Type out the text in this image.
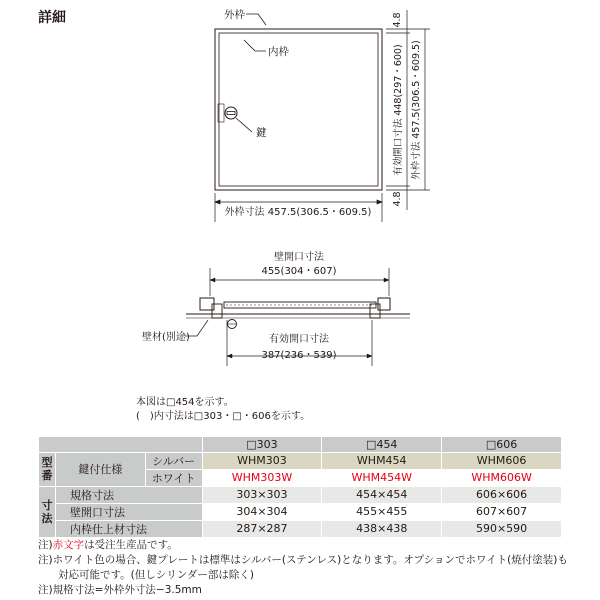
詳細	外枠
内枠
鍵
外枠寸法 457.5(306.5・609.5)
4.8
4.8
有効開口寸法 448(297・600) 外枠寸法 457.5(306.5・609.5)
壁開口寸法
455(304・607)
有効開口寸法
387(236・539)
壁材(別途)
本図は□454を示す。
(　)内寸法は□303・□・606を示す。
			□303	□454	□606
型番	鍵付仕様	シルバー	WHM303	WHM454	WHM606
		ホワイト	WHM303W	WHM454W	WHM606W
寸法	規格寸法		303×303	454×454	606×606
	壁開口寸法		304×304	455×455	607×607
	内枠仕上材寸法		287×287	438×438	590×590

注)赤文字は受注生産品です。

注)ホワイト色の場合、鍵プレートは標準はシルバー(ステンレス)となります。オプションでホワイト(焼付塗装)も

対応可能です。(但しシリンダー部は除く)

注)規格寸法=外枠外寸法−3.5mm
